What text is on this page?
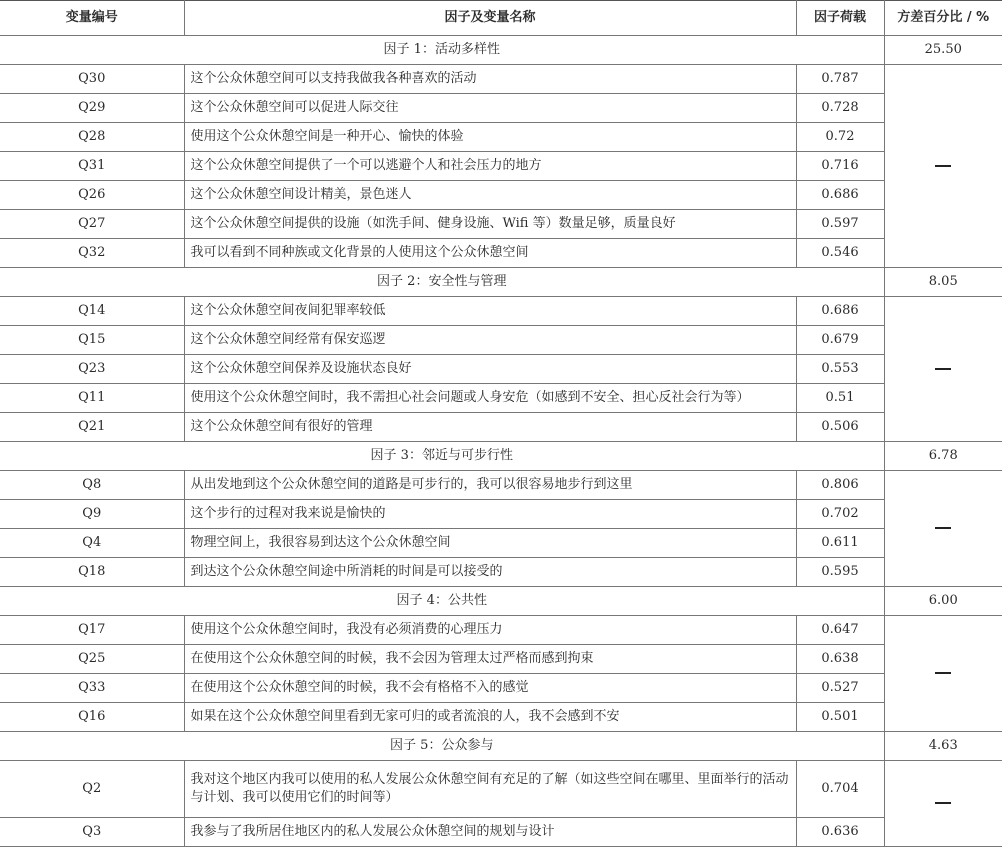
变量编号	因子及变量名称	因子荷载	方差百分比 / %
因子 1：活动多样性			25.50
Q30	这个公众休憩空间可以支持我做我各种喜欢的活动	0.787	
Q29	这个公众休憩空间可以促进人际交往	0.728	
Q28	使用这个公众休憩空间是一种开心、愉快的体验	0.72	
Q31	这个公众休憩空间提供了一个可以逃避个人和社会压力的地方	0.716	
Q26	这个公众休憩空间设计精美，景色迷人	0.686	
Q27	这个公众休憩空间提供的设施（如洗手间、健身设施、Wifi 等）数量足够，质量良好	0.597	
Q32	我可以看到不同种族或文化背景的人使用这个公众休憩空间	0.546	
因子 2：安全性与管理			8.05
Q14	这个公众休憩空间夜间犯罪率较低	0.686	
Q15	这个公众休憩空间经常有保安巡逻	0.679	
Q23	这个公众休憩空间保养及设施状态良好	0.553	
Q11	使用这个公众休憩空间时，我不需担心社会问题或人身安危（如感到不安全、担心反社会行为等）	0.51	
Q21	这个公众休憩空间有很好的管理	0.506	
因子 3：邻近与可步行性			6.78
Q8	从出发地到这个公众休憩空间的道路是可步行的，我可以很容易地步行到这里	0.806	
Q9	这个步行的过程对我来说是愉快的	0.702	
Q4	物理空间上，我很容易到达这个公众休憩空间	0.611	
Q18	到达这个公众休憩空间途中所消耗的时间是可以接受的	0.595	
因子 4：公共性			6.00
Q17	使用这个公众休憩空间时，我没有必须消费的心理压力	0.647	
Q25	在使用这个公众休憩空间的时候，我不会因为管理太过严格而感到拘束	0.638	
Q33	在使用这个公众休憩空间的时候，我不会有格格不入的感觉	0.527	
Q16	如果在这个公众休憩空间里看到无家可归的或者流浪的人，我不会感到不安	0.501	
因子 5：公众参与			4.63
Q2	我对这个地区内我可以使用的私人发展公众休憩空间有充足的了解（如这些空间在哪里、里面举行的活动与计划、我可以使用它们的时间等）	0.704	
Q3	我参与了我所居住地区内的私人发展公众休憩空间的规划与设计	0.636	
